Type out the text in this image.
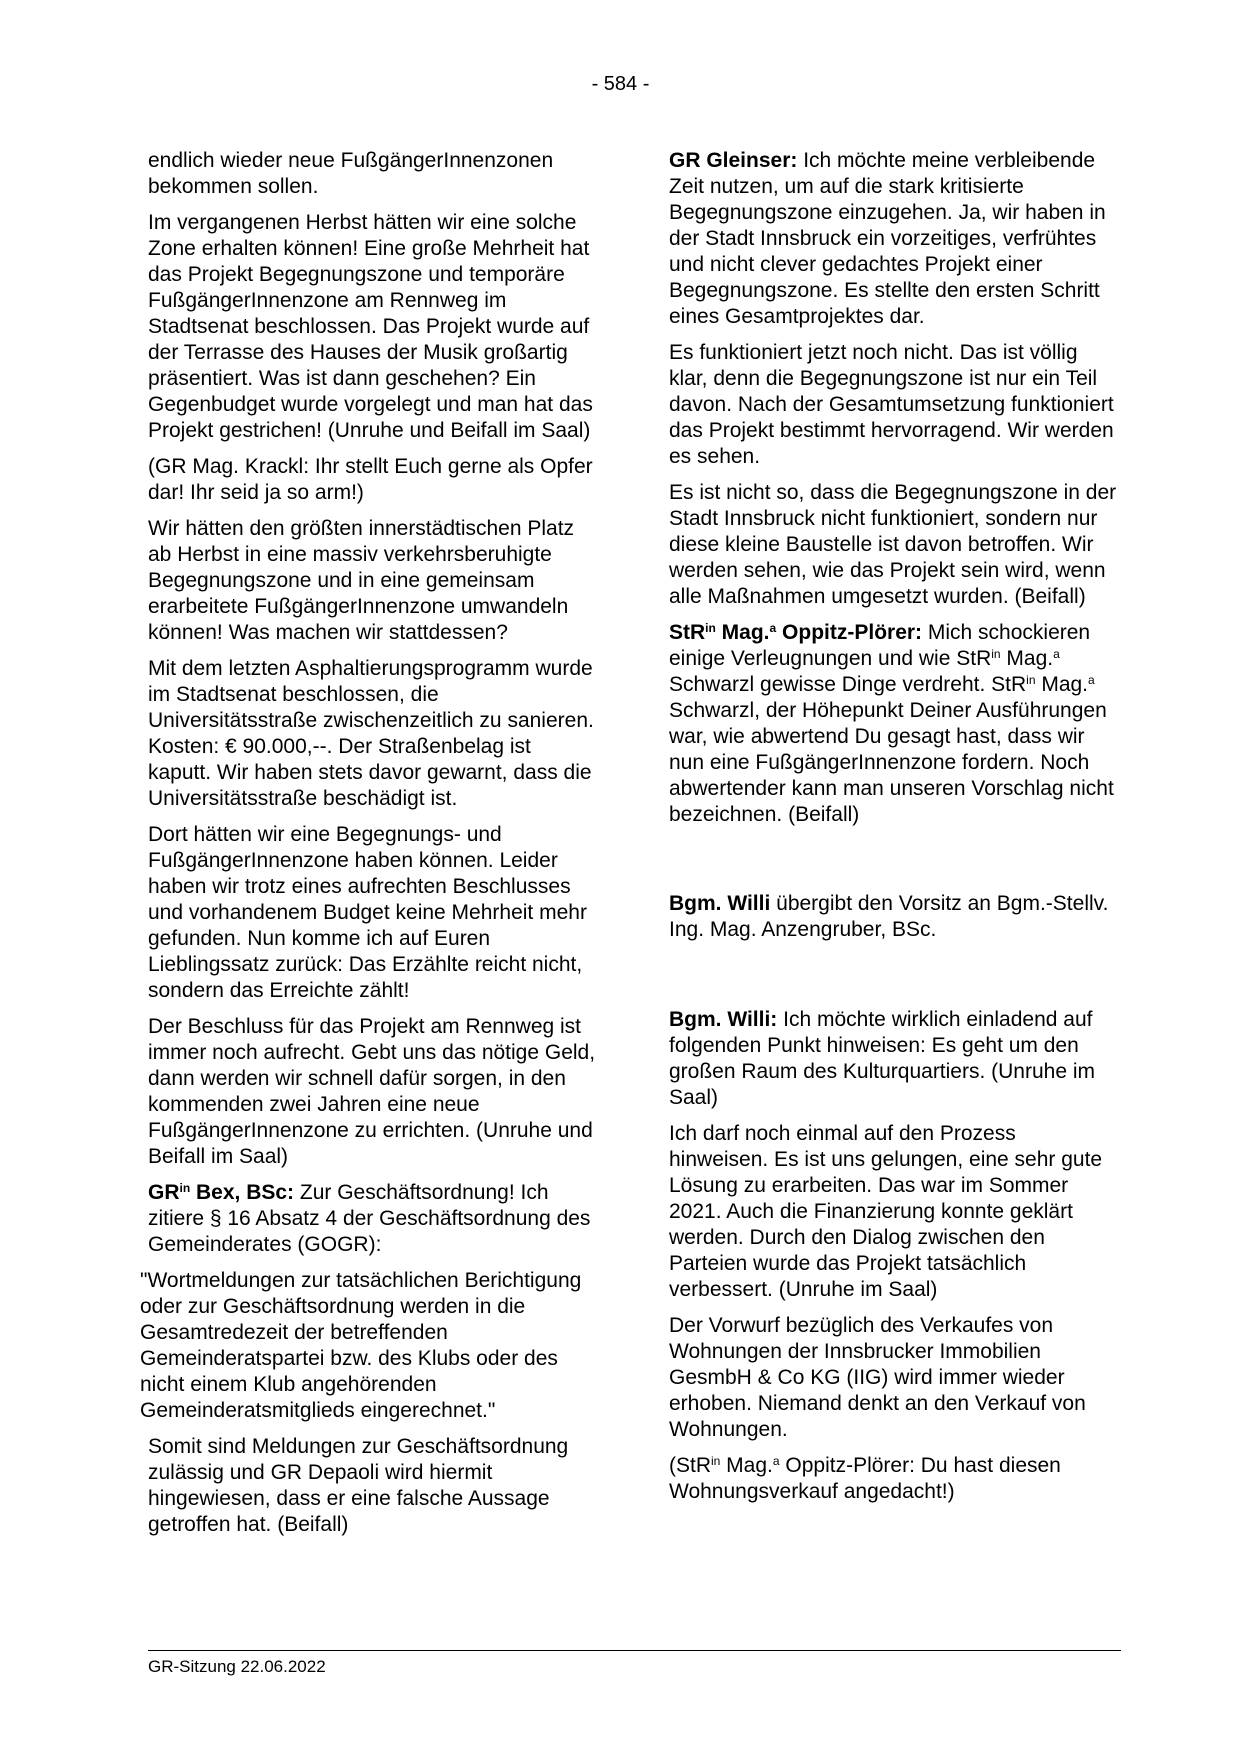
- 584 -

endlich wieder neue FußgängerInnenzonen bekommen sollen.

Im vergangenen Herbst hätten wir eine solche Zone erhalten können! Eine große Mehrheit hat das Projekt Begegnungszone und temporäre FußgängerInnenzone am Rennweg im Stadtsenat beschlossen. Das Projekt wurde auf der Terrasse des Hauses der Musik großartig präsentiert. Was ist dann geschehen? Ein Gegenbudget wurde vorgelegt und man hat das Projekt gestrichen! (Unruhe und Beifall im Saal)

(GR Mag. Krackl: Ihr stellt Euch gerne als Opfer dar! Ihr seid ja so arm!)

Wir hätten den größten innerstädtischen Platz ab Herbst in eine massiv verkehrsberuhigte Begegnungszone und in eine gemeinsam erarbeitete FußgängerInnenzone umwandeln können! Was machen wir stattdessen?

Mit dem letzten Asphaltierungsprogramm wurde im Stadtsenat beschlossen, die Universitätsstraße zwischenzeitlich zu sanieren. Kosten: € 90.000,--. Der Straßenbelag ist kaputt. Wir haben stets davor gewarnt, dass die Universitätsstraße beschädigt ist.

Dort hätten wir eine Begegnungs- und FußgängerInnenzone haben können. Leider haben wir trotz eines aufrechten Beschlusses und vorhandenem Budget keine Mehrheit mehr gefunden. Nun komme ich auf Euren Lieblingssatz zurück: Das Erzählte reicht nicht, sondern das Erreichte zählt!

Der Beschluss für das Projekt am Rennweg ist immer noch aufrecht. Gebt uns das nötige Geld, dann werden wir schnell dafür sorgen, in den kommenden zwei Jahren eine neue FußgängerInnenzone zu errichten. (Unruhe und Beifall im Saal)

$GR^{in}$ Bex, BSc: Zur Geschäftsordnung! Ich zitiere § 16 Absatz 4 der Geschäftsordnung des Gemeinderates (GOGR):

"Wortmeldungen zur tatsächlichen Berichtigung oder zur Geschäftsordnung werden in die Gesamtredezeit der betreffenden Gemeinderatspartei bzw. des Klubs oder des nicht einem Klub angehörenden Gemeinderatsmitglieds eingerechnet."

Somit sind Meldungen zur Geschäftsordnung zulässig und GR Depaoli wird hiermit hingewiesen, dass er eine falsche Aussage getroffen hat. (Beifall)

GR Gleinser: Ich möchte meine verbleibende Zeit nutzen, um auf die stark kritisierte Begegnungszone einzugehen. Ja, wir haben in der Stadt Innsbruck ein vorzeitiges, verfrühtes und nicht clever gedachtes Projekt einer Begegnungszone. Es stellte den ersten Schritt eines Gesamtprojektes dar.

Es funktioniert jetzt noch nicht. Das ist völlig klar, denn die Begegnungszone ist nur ein Teil davon. Nach der Gesamtumsetzung funktioniert das Projekt bestimmt hervorragend. Wir werden es sehen.

Es ist nicht so, dass die Begegnungszone in der Stadt Innsbruck nicht funktioniert, sondern nur diese kleine Baustelle ist davon betroffen. Wir werden sehen, wie das Projekt sein wird, wenn alle Maßnahmen umgesetzt wurden. (Beifall)

StR$^{in}$ Mag.$^a$ Oppitz-Plörer: Mich schockieren einige Verleugnungen und wie StR$^{in}$ Mag.$^a$ Schwarzl gewisse Dinge verdreht. StR$^{in}$ Mag.$^a$ Schwarzl, der Höhepunkt Deiner Ausführungen war, wie abwertend Du gesagt hast, dass wir nun eine FußgängerInnenzone fordern. Noch abwertender kann man unseren Vorschlag nicht bezeichnen. (Beifall)

Bgm. Willi übergibt den Vorsitz an Bgm.-Stellv. Ing. Mag. Anzengruber, BSc.

Bgm. Willi: Ich möchte wirklich einladend auf folgenden Punkt hinweisen: Es geht um den großen Raum des Kulturquartiers. (Unruhe im Saal)

Ich darf noch einmal auf den Prozess hinweisen. Es ist uns gelungen, eine sehr gute Lösung zu erarbeiten. Das war im Sommer 2021. Auch die Finanzierung konnte geklärt werden. Durch den Dialog zwischen den Parteien wurde das Projekt tatsächlich verbessert. (Unruhe im Saal)

Der Vorwurf bezüglich des Verkaufes von Wohnungen der Innsbrucker Immobilien GesmbH & Co KG (IIG) wird immer wieder erhoben. Niemand denkt an den Verkauf von Wohnungen.

(StR$^{in}$ Mag.$^a$ Oppitz-Plörer: Du hast diesen Wohnungsverkauf angedacht!)

GR-Sitzung 22.06.2022
